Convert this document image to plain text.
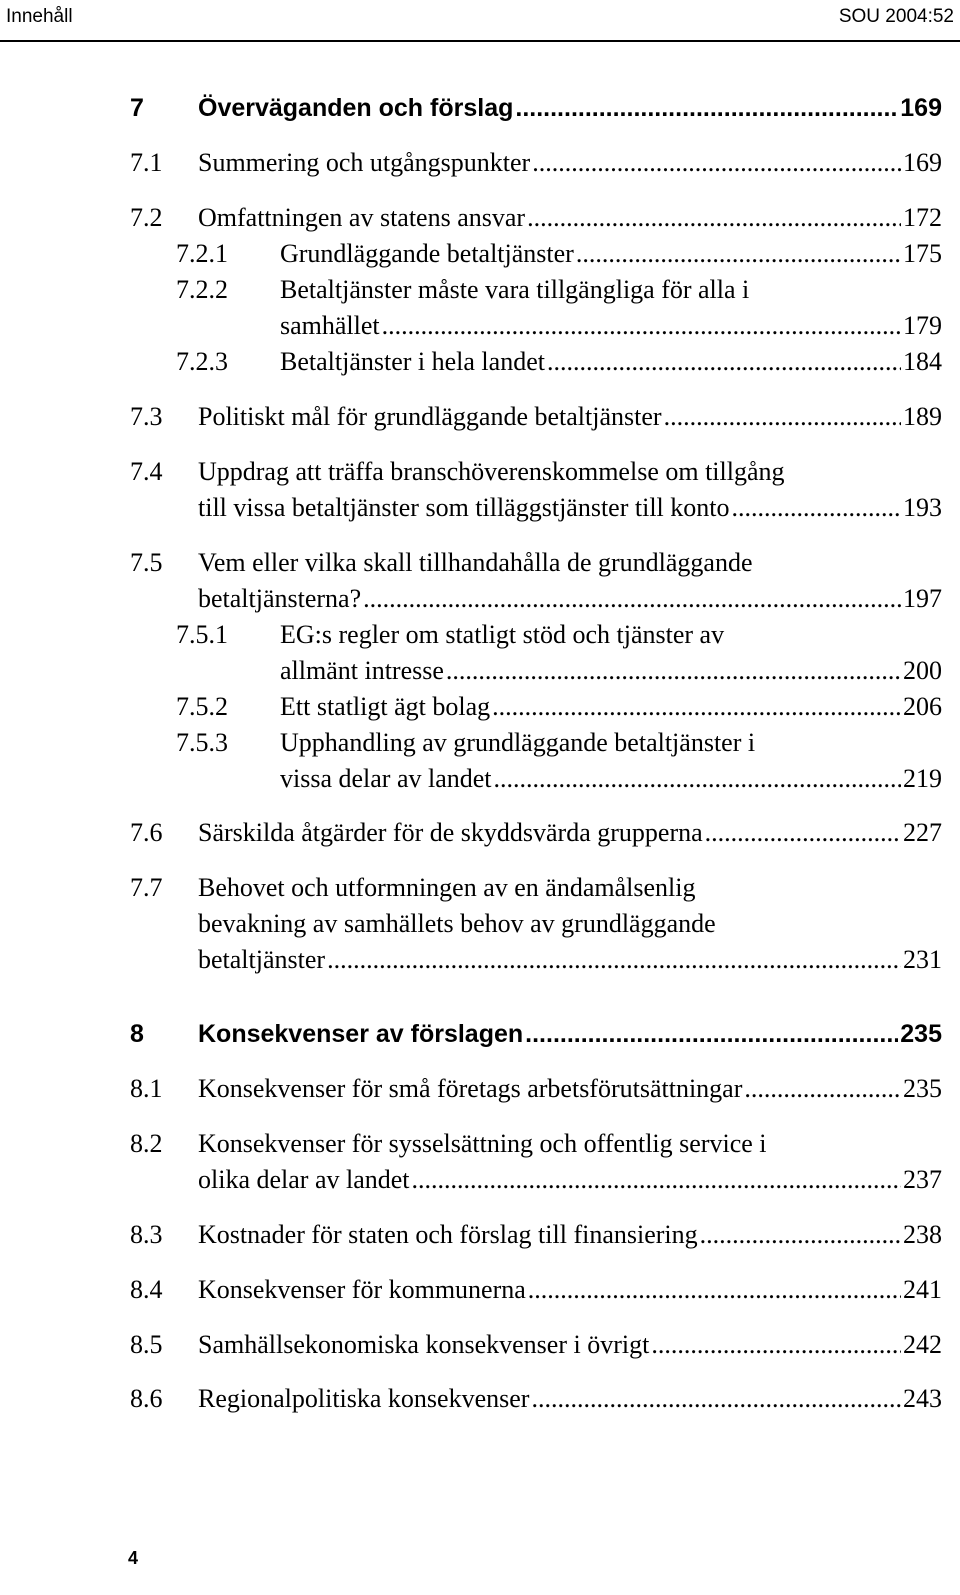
Innehåll	SOU 2004:52
7 Överväganden och förslag .....	169
7.1 Summering och utgångspunkter .....	169
7.2 Omfattningen av statens ansvar .....	172
7.2.1 Grundläggande betaltjänster .....	175
7.2.2 Betaltjänster måste vara tillgängliga för alla i
samhället .....	179
7.2.3 Betaltjänster i hela landet .....	184
7.3 Politiskt mål för grundläggande betaltjänster .....	189
7.4 Uppdrag att träffa branschöverenskommelse om tillgång
till vissa betaltjänster som tilläggstjänster till konto .....	193
7.5 Vem eller vilka skall tillhandahålla de grundläggande
betaltjänsterna? .....	197
7.5.1 EG:s regler om statligt stöd och tjänster av
allmänt intresse .....	200
7.5.2 Ett statligt ägt bolag .....	206
7.5.3 Upphandling av grundläggande betaltjänster i
vissa delar av landet .....	219
7.6 Särskilda åtgärder för de skyddsvärda grupperna .....	227
7.7 Behovet och utformningen av en ändamålsenlig
bevakning av samhällets behov av grundläggande
betaltjänster .....	231
8 Konsekvenser av förslagen .....	235
8.1 Konsekvenser för små företags arbetsförutsättningar .....	235
8.2 Konsekvenser för sysselsättning och offentlig service i
olika delar av landet .....	237
8.3 Kostnader för staten och förslag till finansiering .....	238
8.4 Konsekvenser för kommunerna .....	241
8.5 Samhällsekonomiska konsekvenser i övrigt .....	242
8.6 Regionalpolitiska konsekvenser .....	243
4
